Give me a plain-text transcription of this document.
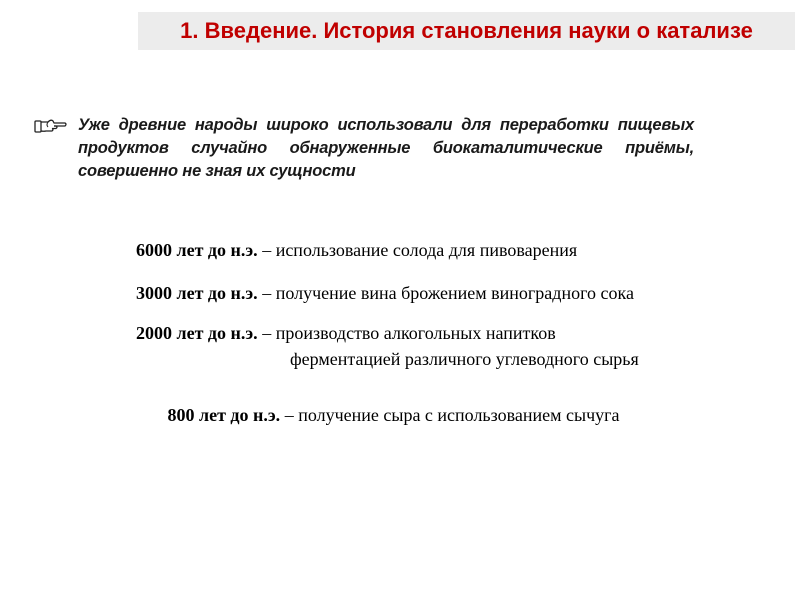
1. Введение. История становления науки о катализе
Уже древние народы широко использовали для переработки пищевых продуктов случайно обнаруженные биокаталитические приёмы, совершенно не зная их сущности
6000 лет до н.э. – использование солода для пивоварения
3000 лет до н.э. – получение вина брожением виноградного сока
2000 лет до н.э. – производство алкогольных напитков
ферментацией различного углеводного сырья

800 лет до н.э. – получение сыра с использованием сычуга
